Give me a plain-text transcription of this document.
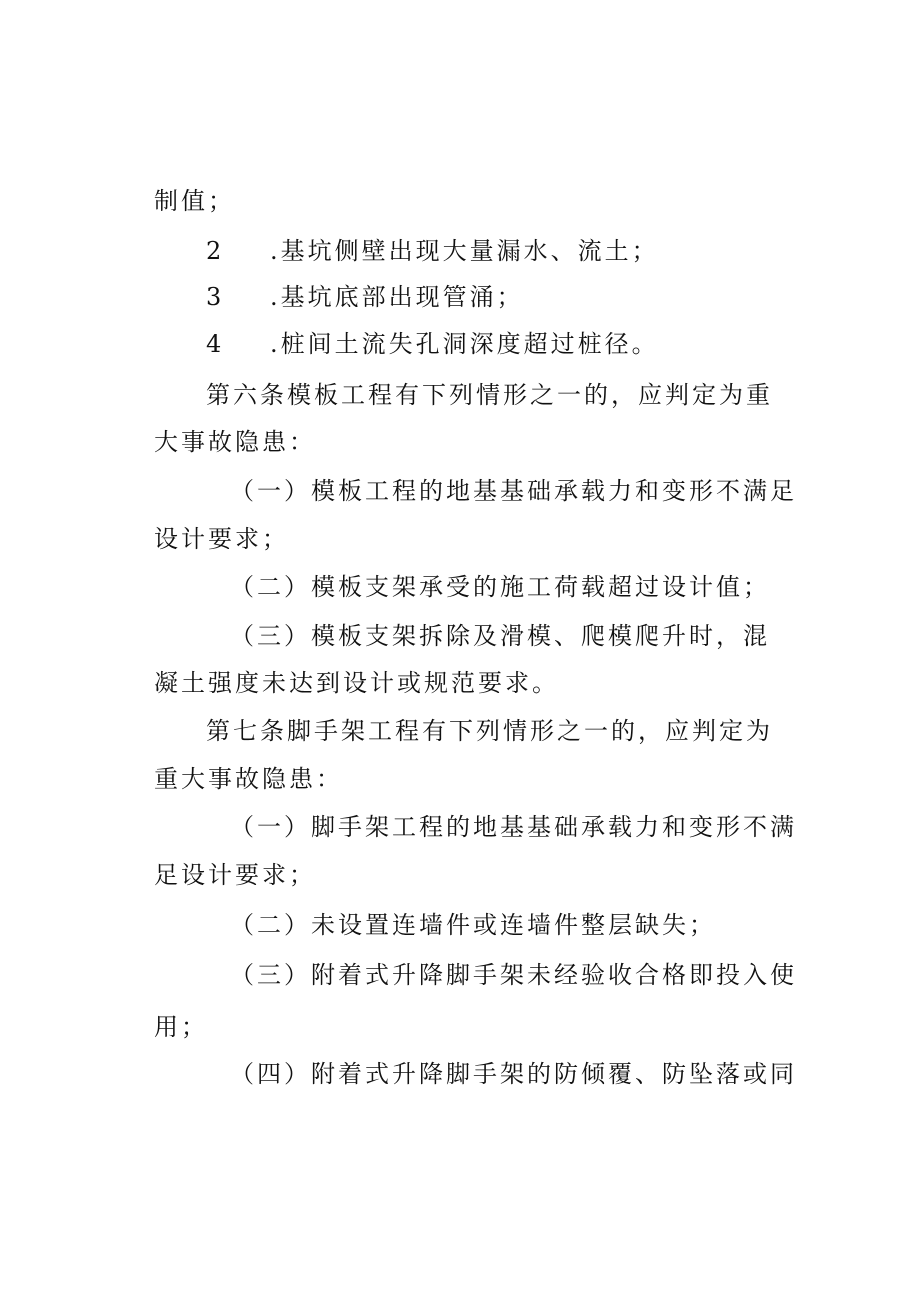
制值；
2 .基坑侧壁出现大量漏水、流土；
3 .基坑底部出现管涌；
4 .桩间土流失孔洞深度超过桩径。
第六条模板工程有下列情形之一的，应判定为重
大事故隐患：
（一）模板工程的地基基础承载力和变形不满足
设计要求；
（二）模板支架承受的施工荷载超过设计值；
（三）模板支架拆除及滑模、爬模爬升时，混
凝土强度未达到设计或规范要求。
第七条脚手架工程有下列情形之一的，应判定为
重大事故隐患：
（一）脚手架工程的地基基础承载力和变形不满
足设计要求；
（二）未设置连墙件或连墙件整层缺失；
（三）附着式升降脚手架未经验收合格即投入使
用；
（四）附着式升降脚手架的防倾覆、防坠落或同
